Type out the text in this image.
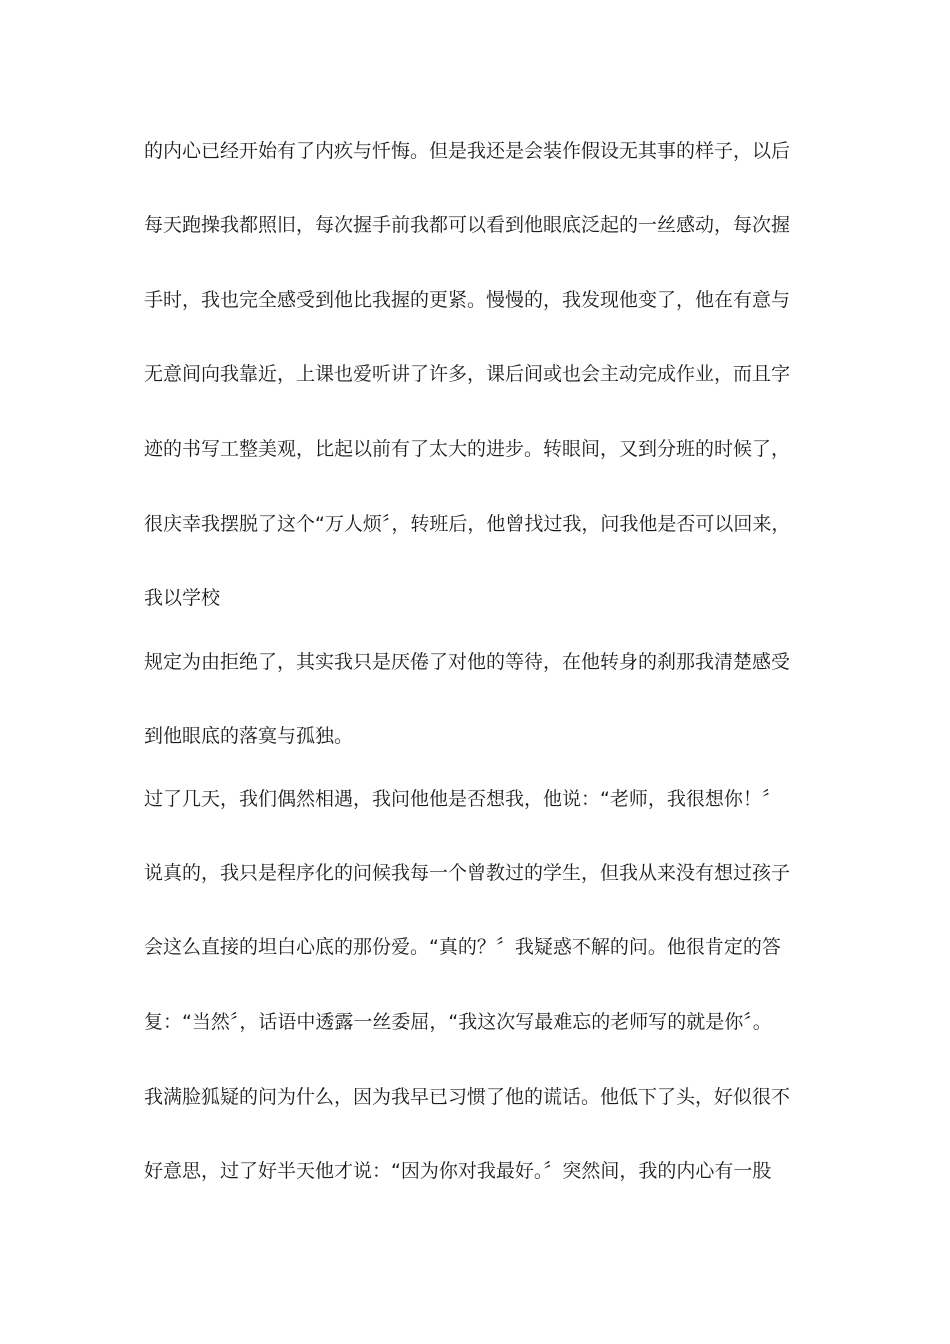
的内心已经开始有了内疚与忏悔。但是我还是会装作假设无其事的样子，以后
每天跑操我都照旧，每次握手前我都可以看到他眼底泛起的一丝感动，每次握
手时，我也完全感受到他比我握的更紧。慢慢的，我发现他变了，他在有意与
无意间向我靠近，上课也爱听讲了许多，课后间或也会主动完成作业，而且字
迹的书写工整美观，比起以前有了太大的进步。转眼间，又到分班的时候了，
很庆幸我摆脱了这个“万人烦〞，转班后，他曾找过我，问我他是否可以回来，
我以学校
规定为由拒绝了，其实我只是厌倦了对他的等待，在他转身的刹那我清楚感受
到他眼底的落寞与孤独。
过了几天，我们偶然相遇，我问他他是否想我，他说：“老师，我很想你！〞
说真的，我只是程序化的问候我每一个曾教过的学生，但我从来没有想过孩子
会这么直接的坦白心底的那份爱。“真的？〞我疑惑不解的问。他很肯定的答
复：“当然〞，话语中透露一丝委屈，“我这次写最难忘的老师写的就是你〞。
我满脸狐疑的问为什么，因为我早已习惯了他的谎话。他低下了头，好似很不
好意思，过了好半天他才说：“因为你对我最好。〞突然间，我的内心有一股
